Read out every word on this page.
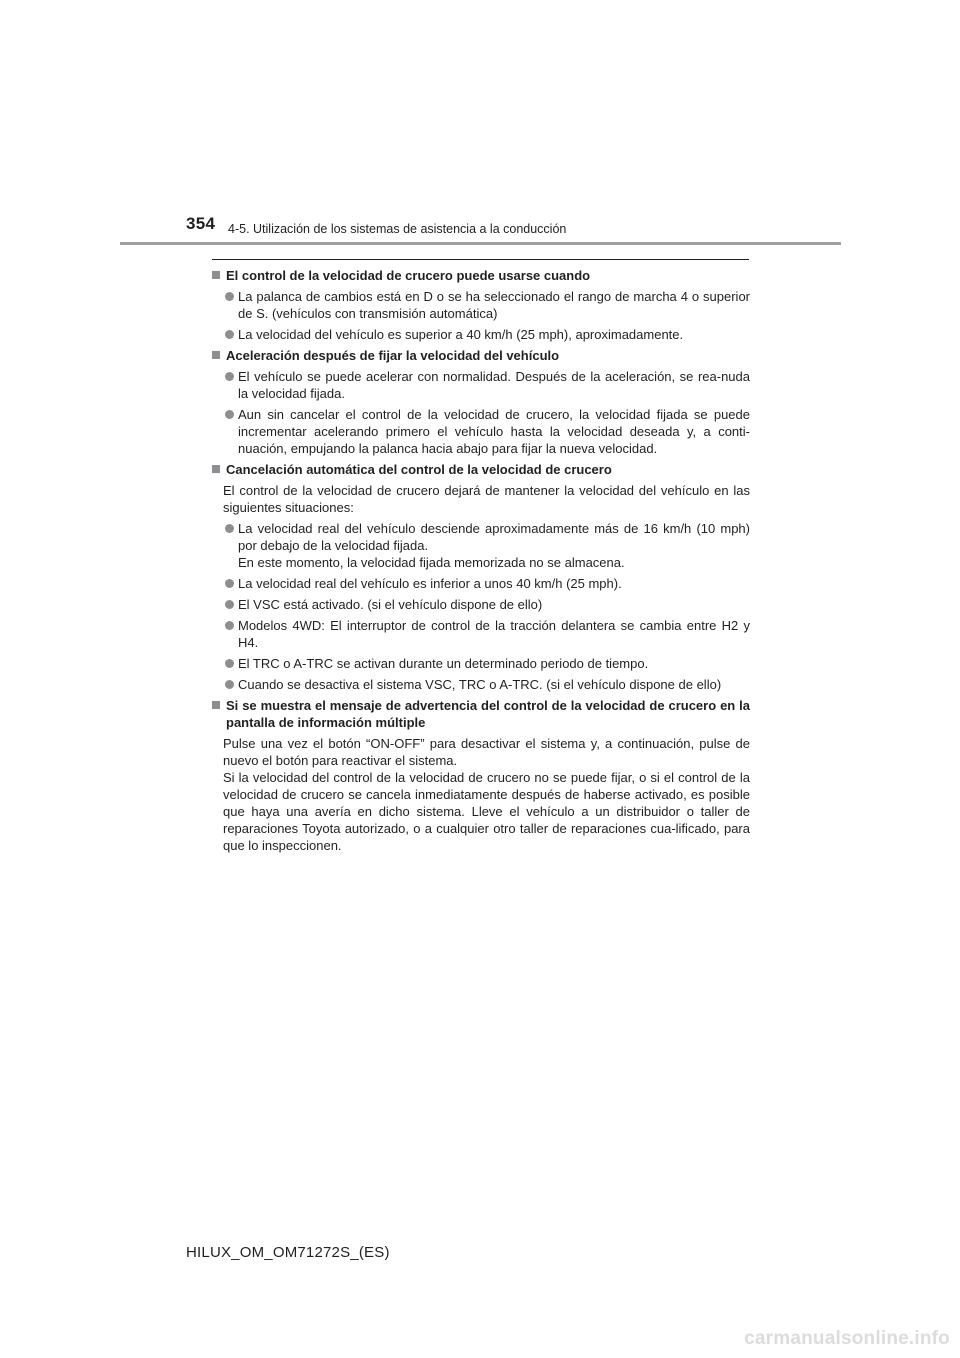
354 4-5. Utilización de los sistemas de asistencia a la conducción
El control de la velocidad de crucero puede usarse cuando
La palanca de cambios está en D o se ha seleccionado el rango de marcha 4 o superior de S. (vehículos con transmisión automática)
La velocidad del vehículo es superior a 40 km/h (25 mph), aproximadamente.
Aceleración después de fijar la velocidad del vehículo
El vehículo se puede acelerar con normalidad. Después de la aceleración, se rea-nuda la velocidad fijada.
Aun sin cancelar el control de la velocidad de crucero, la velocidad fijada se puede incrementar acelerando primero el vehículo hasta la velocidad deseada y, a conti-nuación, empujando la palanca hacia abajo para fijar la nueva velocidad.
Cancelación automática del control de la velocidad de crucero
El control de la velocidad de crucero dejará de mantener la velocidad del vehículo en las siguientes situaciones:
La velocidad real del vehículo desciende aproximadamente más de 16 km/h (10 mph) por debajo de la velocidad fijada.
En este momento, la velocidad fijada memorizada no se almacena.
La velocidad real del vehículo es inferior a unos 40 km/h (25 mph).
El VSC está activado. (si el vehículo dispone de ello)
Modelos 4WD: El interruptor de control de la tracción delantera se cambia entre H2 y H4.
El TRC o A-TRC se activan durante un determinado periodo de tiempo.
Cuando se desactiva el sistema VSC, TRC o A-TRC. (si el vehículo dispone de ello)
Si se muestra el mensaje de advertencia del control de la velocidad de crucero en la pantalla de información múltiple
Pulse una vez el botón “ON-OFF” para desactivar el sistema y, a continuación, pulse de nuevo el botón para reactivar el sistema.
Si la velocidad del control de la velocidad de crucero no se puede fijar, o si el control de la velocidad de crucero se cancela inmediatamente después de haberse activado, es posible que haya una avería en dicho sistema. Lleve el vehículo a un distribuidor o taller de reparaciones Toyota autorizado, o a cualquier otro taller de reparaciones cua-lificado, para que lo inspeccionen.
HILUX_OM_OM71272S_(ES)
carmanualsonline.info
